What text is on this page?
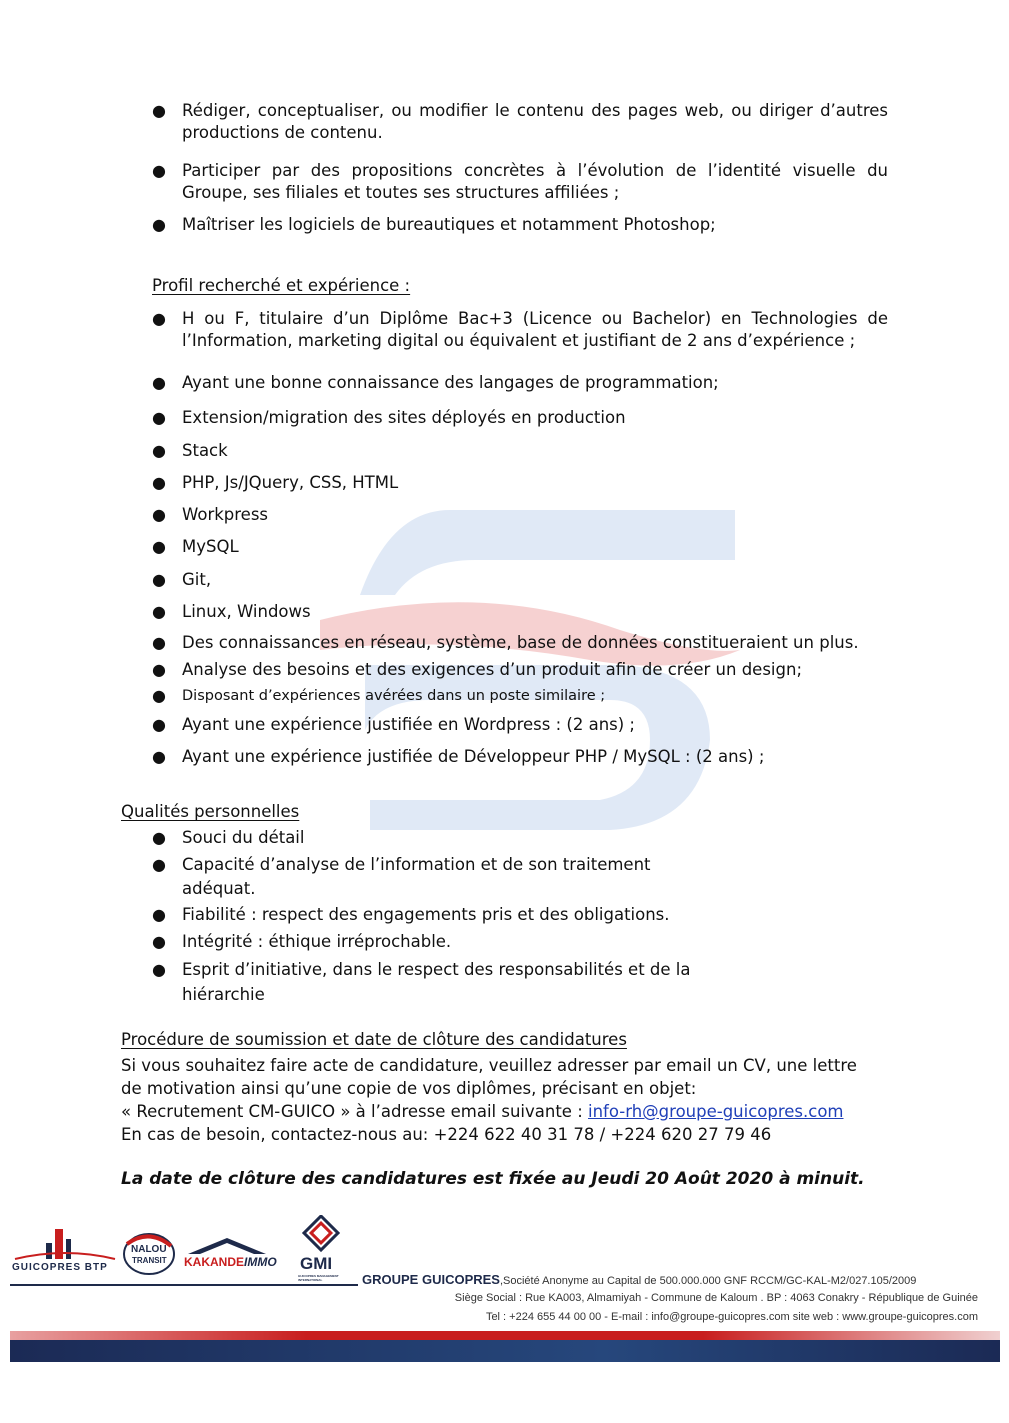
● Rédiger, conceptualiser, ou modifier le contenu des pages web, ou diriger d’autres productions de contenu.
● Participer par des propositions concrètes à l’évolution de l’identité visuelle du Groupe, ses filiales et toutes ses structures affiliées ;
● Maîtriser les logiciels de bureautiques et notamment Photoshop;
Profil recherché et expérience :
● H ou F, titulaire d’un Diplôme Bac+3 (Licence ou Bachelor) en Technologies de l’Information, marketing digital ou équivalent et justifiant de 2 ans d’expérience ;
● Ayant une bonne connaissance des langages de programmation;
● Extension/migration des sites déployés en production
● Stack
● PHP, Js/JQuery, CSS, HTML
● Workpress
● MySQL
● Git,
● Linux, Windows
● Des connaissances en réseau, système, base de données constitueraient un plus.
● Analyse des besoins et des exigences d’un produit afin de créer un design;
● Disposant d’expériences avérées dans un poste similaire ;
● Ayant une expérience justifiée en Wordpress : (2 ans) ;
● Ayant une expérience justifiée de Développeur PHP / MySQL : (2 ans) ;
Qualités personnelles
● Souci du détail
● Capacité d’analyse de l’information et de son traitement adéquat.
● Fiabilité : respect des engagements pris et des obligations.
● Intégrité : éthique irréprochable.
● Esprit d’initiative, dans le respect des responsabilités et de la hiérarchie
Procédure de soumission et date de clôture des candidatures
Si vous souhaitez faire acte de candidature, veuillez adresser par email un CV, une lettre
de motivation ainsi qu’une copie de vos diplômes, précisant en objet:
« Recrutement CM-GUICO » à l’adresse email suivante : info-rh@groupe-guicopres.com
En cas de besoin, contactez-nous au: +224 622 40 31 78 / +224 620 27 79 46
La date de clôture des candidatures est fixée au Jeudi 20 Août 2020 à minuit.
GUICOPRES BTP
NALOU
TRANSIT KAKANDEIMMO GMI
GUICOPRES MANAGEMENT INTERNATIONAL	GROUPE GUICOPRES,Société Anonyme au Capital de 500.000.000 GNF RCCM/GC-KAL-M2/027.105/2009
Siège Social : Rue KA003, Almamiyah - Commune de Kaloum . BP : 4063 Conakry - République de Guinée
Tel : +224 655 44 00 00 - E-mail : info@groupe-guicopres.com site web : www.groupe-guicopres.com
